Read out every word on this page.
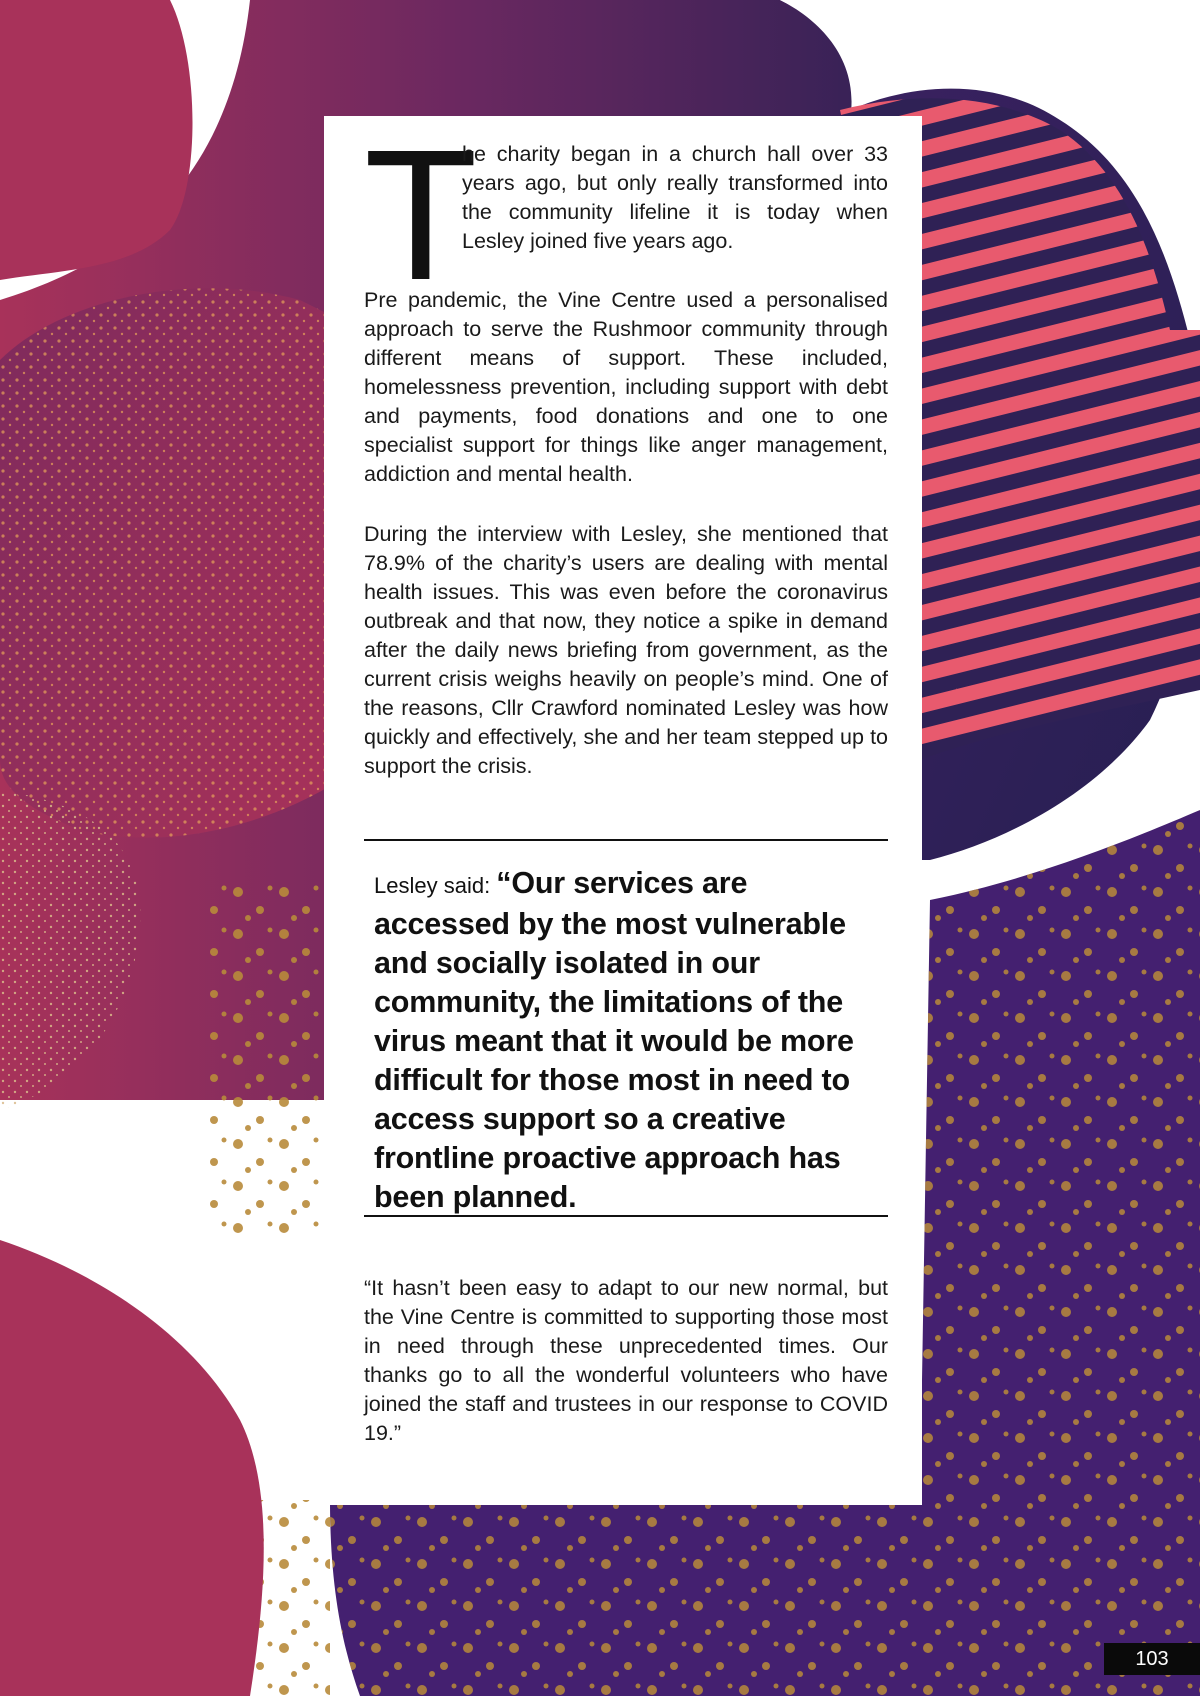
T

he charity began in a church hall over 33 years ago, but only really transformed into the community lifeline it is today when Lesley joined five years ago.

Pre pandemic, the Vine Centre used a personalised approach to serve the Rushmoor community through different means of support. These included, homelessness prevention, including support with debt and payments, food donations and one to one specialist support for things like anger management, addiction and mental health.

During the interview with Lesley, she mentioned that 78.9% of the charity’s users are dealing with mental health issues. This was even before the coronavirus outbreak and that now, they notice a spike in demand after the daily news briefing from government, as the current crisis weighs heavily on people’s mind. One of the reasons, Cllr Crawford nominated Lesley was how quickly and effectively, she and her team stepped up to support the crisis.

Lesley said: “Our services are accessed by the most vulnerable and socially isolated in our community, the limitations of the virus meant that it would be more difficult for those most in need to access support so a creative frontline proactive approach has been planned.

“It hasn’t been easy to adapt to our new normal, but the Vine Centre is committed to supporting those most in need through these unprecedented times. Our thanks go to all the wonderful volunteers who have joined the staff and trustees in our response to COVID 19.”

103
